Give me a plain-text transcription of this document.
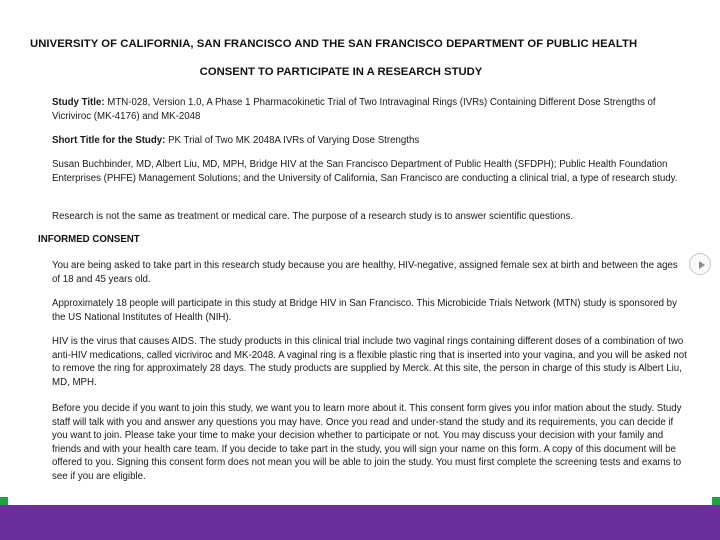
UNIVERSITY OF CALIFORNIA, SAN FRANCISCO AND THE SAN FRANCISCO DEPARTMENT OF PUBLIC HEALTH
CONSENT TO PARTICIPATE IN A RESEARCH STUDY
Study Title: MTN-028, Version 1.0, A Phase 1 Pharmacokinetic Trial of Two Intravaginal Rings (IVRs) Containing Different Dose Strengths of Vicriviroc (MK-4176) and MK-2048
Short Title for the Study: PK Trial of Two MK 2048A IVRs of Varying Dose Strengths
Susan Buchbinder, MD, Albert Liu, MD, MPH, Bridge HIV at the San Francisco Department of Public Health (SFDPH); Public Health Foundation Enterprises (PHFE) Management Solutions; and the University of California, San Francisco are conducting a clinical trial, a type of research study.
Research is not the same as treatment or medical care. The purpose of a research study is to answer scientific questions.
INFORMED CONSENT
You are being asked to take part in this research study because you are healthy, HIV-negative, assigned female sex at birth and between the ages of 18 and 45 years old.
Approximately 18 people will participate in this study at Bridge HIV in San Francisco. This Microbicide Trials Network (MTN) study is sponsored by the US National Institutes of Health (NIH).
HIV is the virus that causes AIDS. The study products in this clinical trial include two vaginal rings containing different doses of a combination of two anti-HIV medications, called vicriviroc and MK-2048. A vaginal ring is a flexible plastic ring that is inserted into your vagina, and you will be asked not to remove the ring for approximately 28 days. The study products are supplied by Merck. At this site, the person in charge of this study is Albert Liu, MD, MPH.
Before you decide if you want to join this study, we want you to learn more about it. This consent form gives you infor mation about the study. Study staff will talk with you and answer any questions you may have. Once you read and under-stand the study and its requirements, you can decide if you want to join. Please take your time to make your decision whether to participate or not. You may discuss your decision with your family and friends and with your health care team. If you decide to take part in the study, you will sign your name on this form. A copy of this document will be offered to you. Signing this consent form does not mean you will be able to join the study. You must first complete the screening tests and exams to see if you are eligible.
